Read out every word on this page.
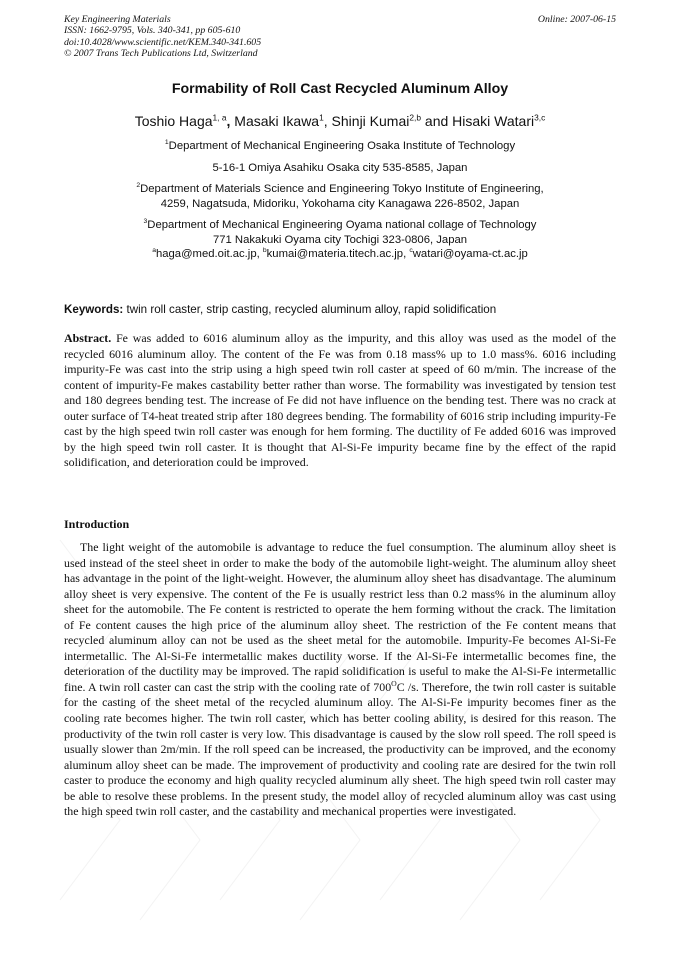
Key Engineering Materials
ISSN: 1662-9795, Vols. 340-341, pp 605-610
doi:10.4028/www.scientific.net/KEM.340-341.605
© 2007 Trans Tech Publications Ltd, Switzerland
Online: 2007-06-15
Formability of Roll Cast Recycled Aluminum Alloy
Toshio Haga$^{1, a}$, Masaki Ikawa$^1$, Shinji Kumai$^{2,b}$ and Hisaki Watari$^{3,c}$
$^1$Department of Mechanical Engineering Osaka Institute of Technology
5-16-1 Omiya Asahiku Osaka city 535-8585, Japan
$^2$Department of Materials Science and Engineering Tokyo Institute of Engineering,
4259, Nagatsuda, Midoriku, Yokohama city Kanagawa 226-8502, Japan
$^3$Department of Mechanical Engineering Oyama national collage of Technology
771 Nakakuki Oyama city Tochigi 323-0806, Japan
$^a$haga@med.oit.ac.jp, $^b$kumai@materia.titech.ac.jp, $^c$watari@oyama-ct.ac.jp
Keywords: twin roll caster, strip casting, recycled aluminum alloy, rapid solidification
Abstract. Fe was added to 6016 aluminum alloy as the impurity, and this alloy was used as the model of the recycled 6016 aluminum alloy. The content of the Fe was from 0.18 mass% up to 1.0 mass%. 6016 including impurity-Fe was cast into the strip using a high speed twin roll caster at speed of 60 m/min. The increase of the content of impurity-Fe makes castability better rather than worse. The formability was investigated by tension test and 180 degrees bending test. The increase of Fe did not have influence on the bending test. There was no crack at outer surface of T4-heat treated strip after 180 degrees bending. The formability of 6016 strip including impurity-Fe cast by the high speed twin roll caster was enough for hem forming. The ductility of Fe added 6016 was improved by the high speed twin roll caster. It is thought that Al-Si-Fe impurity became fine by the effect of the rapid solidification, and deterioration could be improved.
Introduction
The light weight of the automobile is advantage to reduce the fuel consumption. The aluminum alloy sheet is used instead of the steel sheet in order to make the body of the automobile light-weight. The aluminum alloy sheet has advantage in the point of the light-weight. However, the aluminum alloy sheet has disadvantage. The aluminum alloy sheet is very expensive. The content of the Fe is usually restrict less than 0.2 mass% in the aluminum alloy sheet for the automobile. The Fe content is restricted to operate the hem forming without the crack. The limitation of Fe content causes the high price of the aluminum alloy sheet. The restriction of the Fe content means that recycled aluminum alloy can not be used as the sheet metal for the automobile. Impurity-Fe becomes Al-Si-Fe intermetallic. The Al-Si-Fe intermetallic makes ductility worse. If the Al-Si-Fe intermetallic becomes fine, the deterioration of the ductility may be improved. The rapid solidification is useful to make the Al-Si-Fe intermetallic fine. A twin roll caster can cast the strip with the cooling rate of $700^OC$ /s. Therefore, the twin roll caster is suitable for the casting of the sheet metal of the recycled aluminum alloy. The Al-Si-Fe impurity becomes finer as the cooling rate becomes higher. The twin roll caster, which has better cooling ability, is desired for this reason. The productivity of the twin roll caster is very low. This disadvantage is caused by the slow roll speed. The roll speed is usually slower than 2m/min. If the roll speed can be increased, the productivity can be improved, and the economy aluminum alloy sheet can be made. The improvement of productivity and cooling rate are desired for the twin roll caster to produce the economy and high quality recycled aluminum ally sheet. The high speed twin roll caster may be able to resolve these problems. In the present study, the model alloy of recycled aluminum alloy was cast using the high speed twin roll caster, and the castability and mechanical properties were investigated.
